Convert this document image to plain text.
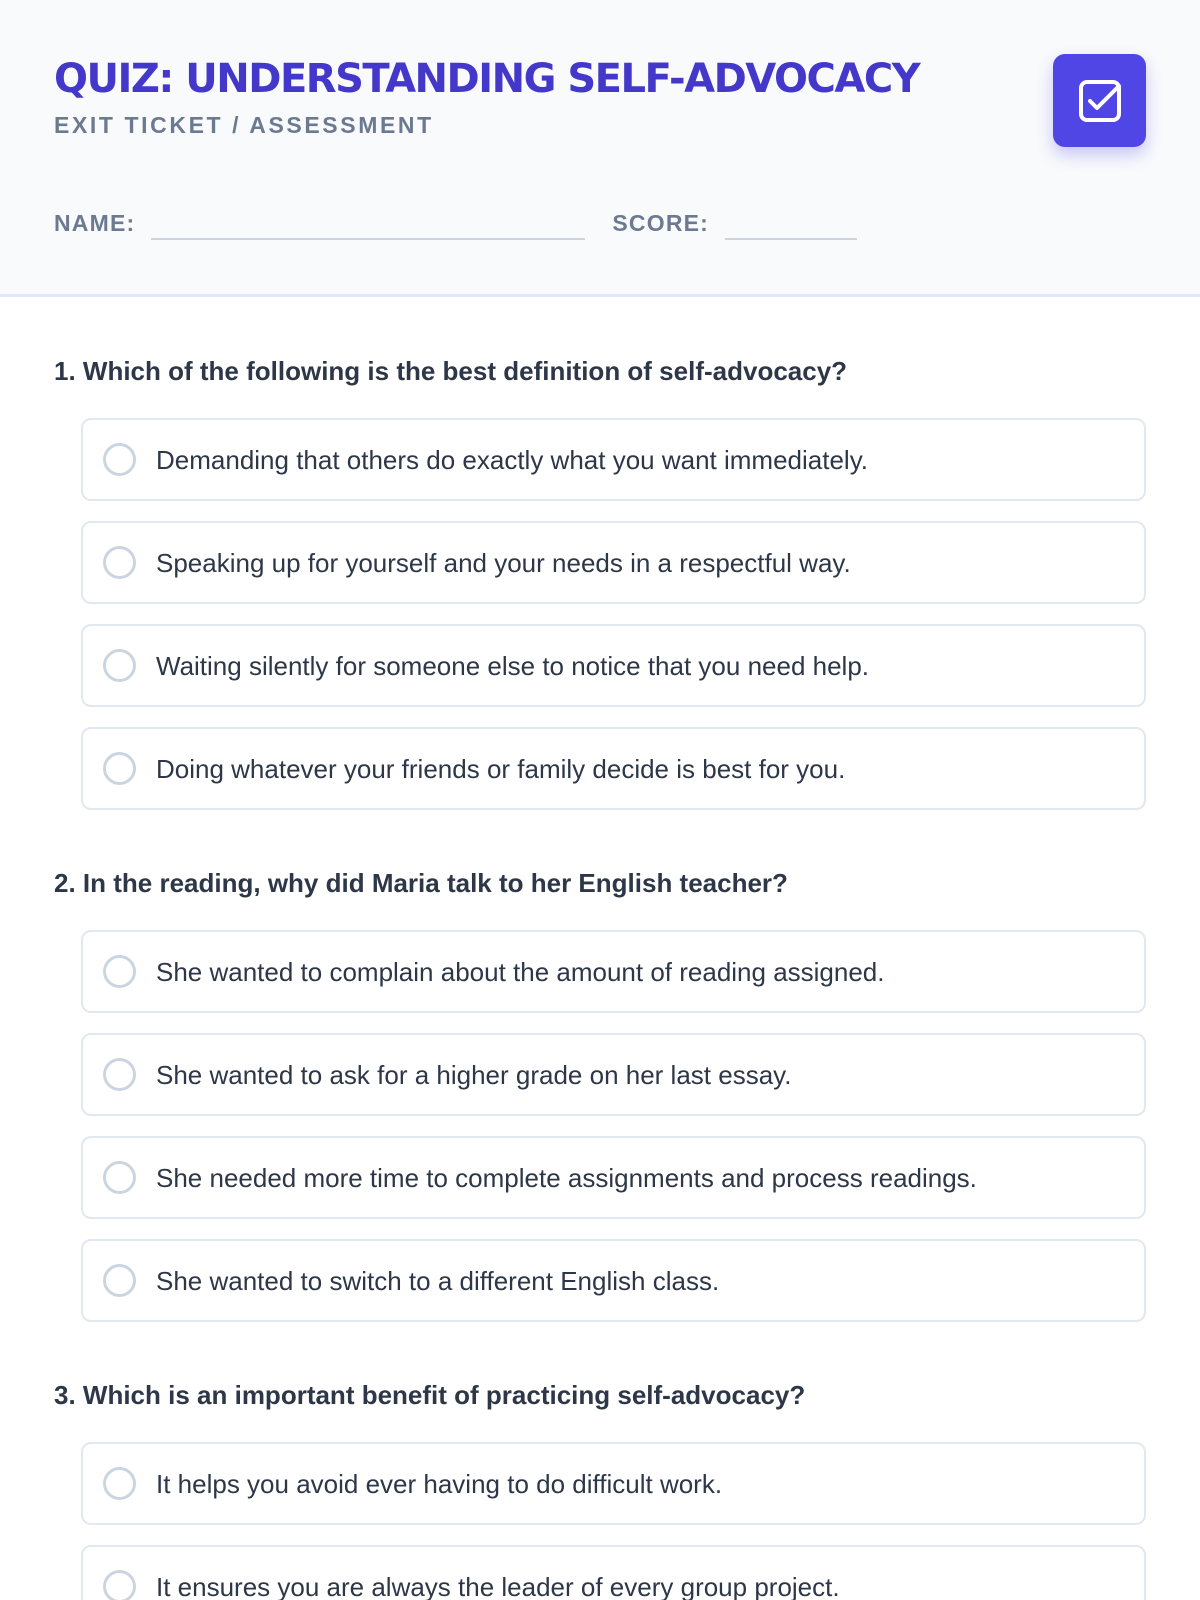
QUIZ: UNDERSTANDING SELF-ADVOCACY
EXIT TICKET / ASSESSMENT
NAME:	SCORE:
1. Which of the following is the best definition of self-advocacy?
Demanding that others do exactly what you want immediately.
Speaking up for yourself and your needs in a respectful way.
Waiting silently for someone else to notice that you need help.
Doing whatever your friends or family decide is best for you.
2. In the reading, why did Maria talk to her English teacher?
She wanted to complain about the amount of reading assigned.
She wanted to ask for a higher grade on her last essay.
She needed more time to complete assignments and process readings.
She wanted to switch to a different English class.
3. Which is an important benefit of practicing self-advocacy?
It helps you avoid ever having to do difficult work.
It ensures you are always the leader of every group project.
